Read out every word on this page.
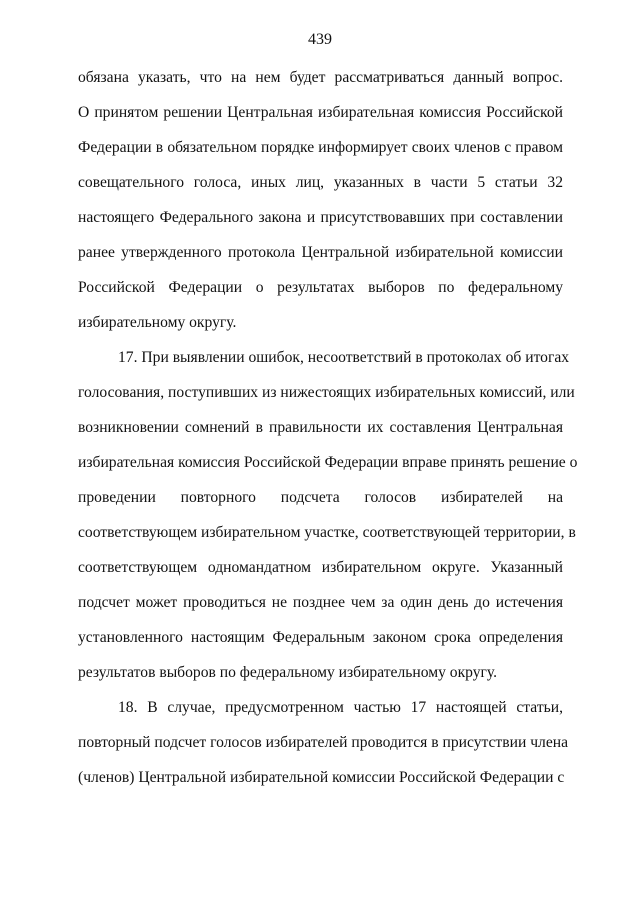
439
обязана указать, что на нем будет рассматриваться данный вопрос.
О принятом решении Центральная избирательная комиссия Российской
Федерации в обязательном порядке информирует своих членов с правом
совещательного голоса, иных лиц, указанных в части 5 статьи 32
настоящего Федерального закона и присутствовавших при составлении
ранее утвержденного протокола Центральной избирательной комиссии
Российской Федерации о результатах выборов по федеральному
избирательному округу.
17. При выявлении ошибок, несоответствий в протоколах об итогах
голосования, поступивших из нижестоящих избирательных комиссий, или
возникновении сомнений в правильности их составления Центральная
избирательная комиссия Российской Федерации вправе принять решение о
проведении повторного подсчета голосов избирателей на
соответствующем избирательном участке, соответствующей территории, в
соответствующем одномандатном избирательном округе. Указанный
подсчет может проводиться не позднее чем за один день до истечения
установленного настоящим Федеральным законом срока определения
результатов выборов по федеральному избирательному округу.
18. В случае, предусмотренном частью 17 настоящей статьи,
повторный подсчет голосов избирателей проводится в присутствии члена
(членов) Центральной избирательной комиссии Российской Федерации с
